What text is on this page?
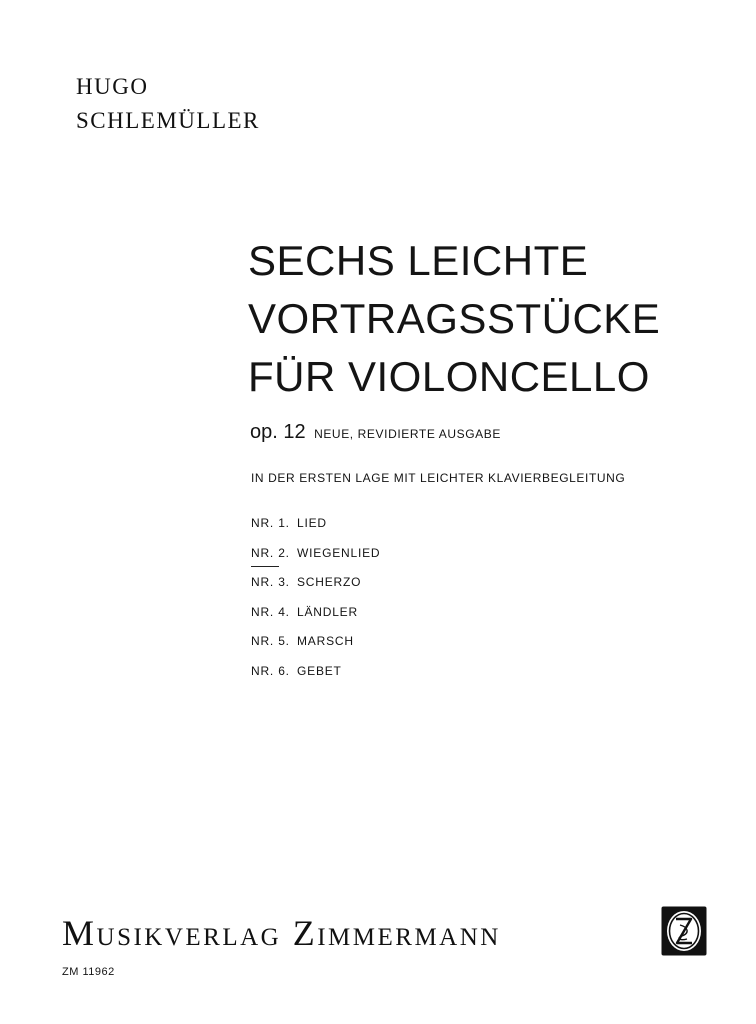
HUGO
SCHLEMÜLLER
SECHS LEICHTE
VORTRAGSSTÜCKE
FÜR VIOLONCELLO
op. 12 NEUE, REVIDIERTE AUSGABE
IN DER ERSTEN LAGE MIT LEICHTER KLAVIERBEGLEITUNG
NR. 1. LIED
NR. 2. WIEGENLIED
NR. 3. SCHERZO
NR. 4. LÄNDLER
NR. 5. MARSCH
NR. 6. GEBET
Musikverlag Zimmermann
ZM 11962
